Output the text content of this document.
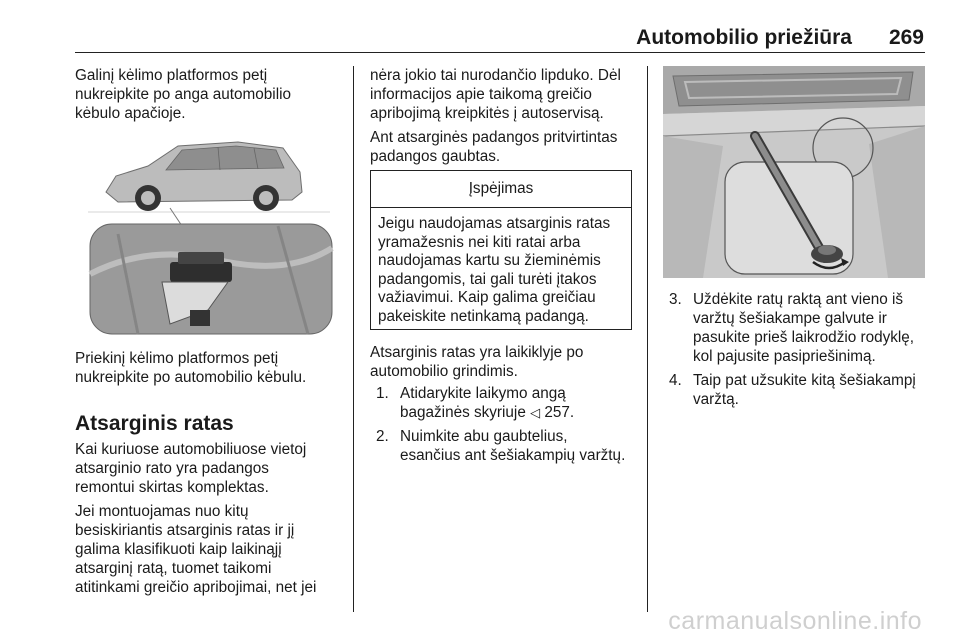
Automobilio priežiūra 269

Galinį kėlimo platformos petį

nukreipkite po anga automobilio

kėbulo apačioje.

Priekinį kėlimo platformos petį

nukreipkite po automobilio kėbulu.

Atsarginis ratas

Kai kuriuose automobiliuose vietoj

atsarginio rato yra padangos

remontui skirtas komplektas.

Jei montuojamas nuo kitų

besiskiriantis atsarginis ratas ir jį

galima klasifikuoti kaip laikinąjį

atsarginį ratą, tuomet taikomi

atitinkami greičio apribojimai, net jei

nėra jokio tai nurodančio lipduko. Dėl

informacijos apie taikomą greičio

apribojimą kreipkitės į autoservisą.

Ant atsarginės padangos pritvirtintas

padangos gaubtas.

Įspėjimas
Jeigu naudojamas atsarginis ratas
yramažesnis nei kiti ratai arba
naudojamas kartu su žieminėmis
padangomis, tai gali turėti įtakos
važiavimui. Kaip galima greičiau
pakeiskite netinkamą padangą.

Atsarginis ratas yra laikiklyje po

automobilio grindimis.

1. Atidarykite laikymo angą
bagažinės skyriuje ◁ 257.
2. Nuimkite abu gaubtelius,
esančius ant šešiakampių varžtų.
3. Uždėkite ratų raktą ant vieno iš
varžtų šešiakampe galvute ir
pasukite prieš laikrodžio rodyklę,
kol pajusite pasipriešinimą.
4. Taip pat užsukite kitą šešiakampį
varžtą.
carmanualsonline.info
